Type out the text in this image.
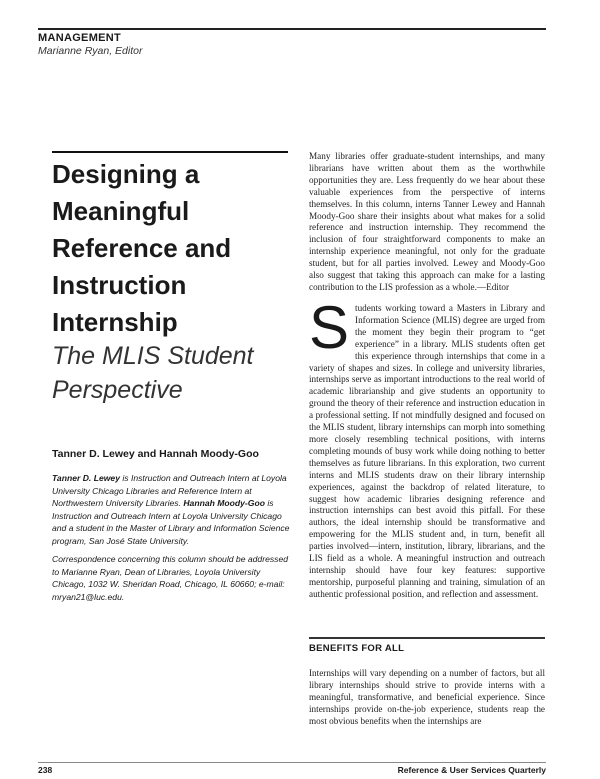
MANAGEMENT
Marianne Ryan, Editor
Designing a
Meaningful
Reference and
Instruction
Internship
The MLIS Student
Perspective
Tanner D. Lewey and Hannah Moody-Goo
Tanner D. Lewey is Instruction and Outreach Intern at Loyola University Chicago Libraries and Reference Intern at Northwestern University Libraries. Hannah Moody-Goo is Instruction and Outreach Intern at Loyola University Chicago and a student in the Master of Library and Information Science program, San José State University.
Correspondence concerning this column should be addressed to Marianne Ryan, Dean of Libraries, Loyola University Chicago, 1032 W. Sheridan Road, Chicago, IL 60660; e-mail: mryan21@luc.edu.
Many libraries offer graduate-student internships, and many librarians have written about them as the worthwhile opportunities they are. Less frequently do we hear about these valuable experiences from the perspective of interns themselves. In this column, interns Tanner Lewey and Hannah Moody-Goo share their insights about what makes for a solid reference and instruction internship. They recommend the inclusion of four straightforward components to make an internship experience meaningful, not only for the graduate student, but for all parties involved. Lewey and Moody-Goo also suggest that taking this approach can make for a lasting contribution to the LIS profession as a whole.—Editor
Students working toward a Masters in Library and Information Science (MLIS) degree are urged from the moment they begin their program to “get experience” in a library. MLIS students often get this experience through internships that come in a variety of shapes and sizes. In college and university libraries, internships serve as important introductions to the real world of academic librarianship and give students an opportunity to ground the theory of their reference and instruction education in a professional setting. If not mindfully designed and focused on the MLIS student, library internships can morph into something more closely resembling technical positions, with interns completing mounds of busy work while doing nothing to better themselves as future librarians. In this exploration, two current interns and MLIS students draw on their library internship experiences, against the backdrop of related literature, to suggest how academic libraries designing reference and instruction internships can best avoid this pitfall. For these authors, the ideal internship should be transformative and empowering for the MLIS student and, in turn, benefit all parties involved—intern, institution, library, librarians, and the LIS field as a whole. A meaningful instruction and outreach internship should have four key features: supportive mentorship, purposeful planning and training, simulation of an authentic professional position, and reflection and assessment.
BENEFITS FOR ALL
Internships will vary depending on a number of factors, but all library internships should strive to provide interns with a meaningful, transformative, and beneficial experience. Since internships provide on-the-job experience, students reap the most obvious benefits when the internships are
238	Reference & User Services Quarterly
